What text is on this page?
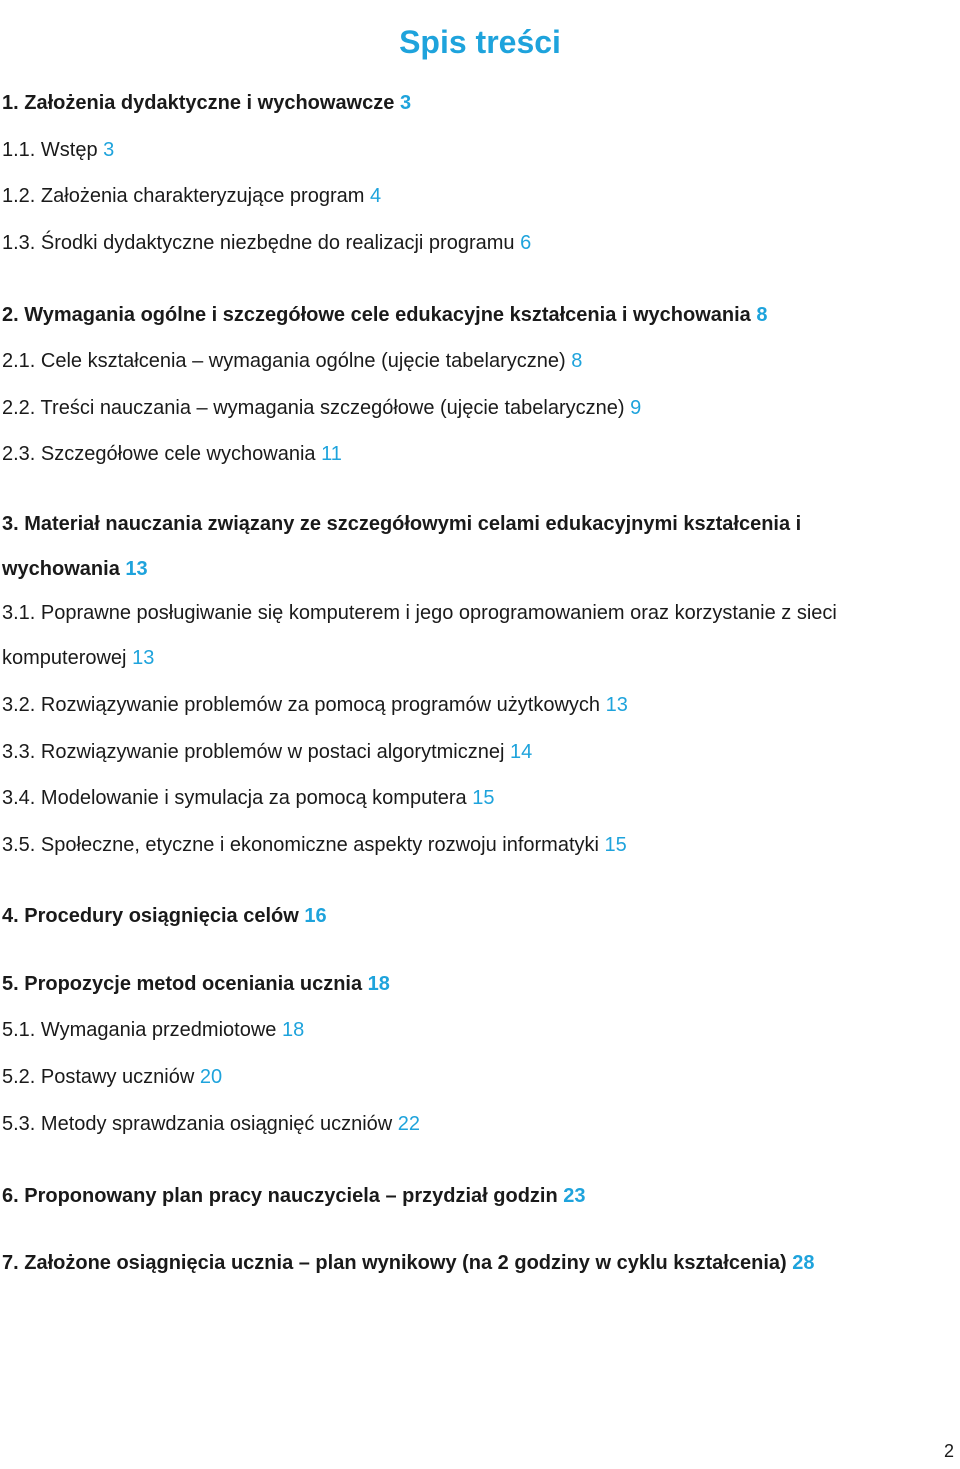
Spis treści
1. Założenia dydaktyczne i wychowawcze 3
1.1. Wstęp 3
1.2. Założenia charakteryzujące program 4
1.3. Środki dydaktyczne niezbędne do realizacji programu 6
2. Wymagania ogólne i szczegółowe cele edukacyjne kształcenia i wychowania 8
2.1. Cele kształcenia – wymagania ogólne (ujęcie tabelaryczne) 8
2.2. Treści nauczania – wymagania szczegółowe (ujęcie tabelaryczne) 9
2.3. Szczegółowe cele wychowania 11
3. Materiał nauczania związany ze szczegółowymi celami edukacyjnymi kształcenia i wychowania 13
3.1. Poprawne posługiwanie się komputerem i jego oprogramowaniem oraz korzystanie z sieci komputerowej 13
3.2. Rozwiązywanie problemów za pomocą programów użytkowych 13
3.3. Rozwiązywanie problemów w postaci algorytmicznej 14
3.4. Modelowanie i symulacja za pomocą komputera 15
3.5. Społeczne, etyczne i ekonomiczne aspekty rozwoju informatyki 15
4. Procedury osiągnięcia celów 16
5. Propozycje metod oceniania ucznia 18
5.1. Wymagania przedmiotowe 18
5.2. Postawy uczniów 20
5.3. Metody sprawdzania osiągnięć uczniów 22
6. Proponowany plan pracy nauczyciela – przydział godzin 23
7. Założone osiągnięcia ucznia – plan wynikowy (na 2 godziny w cyklu kształcenia) 28
2
